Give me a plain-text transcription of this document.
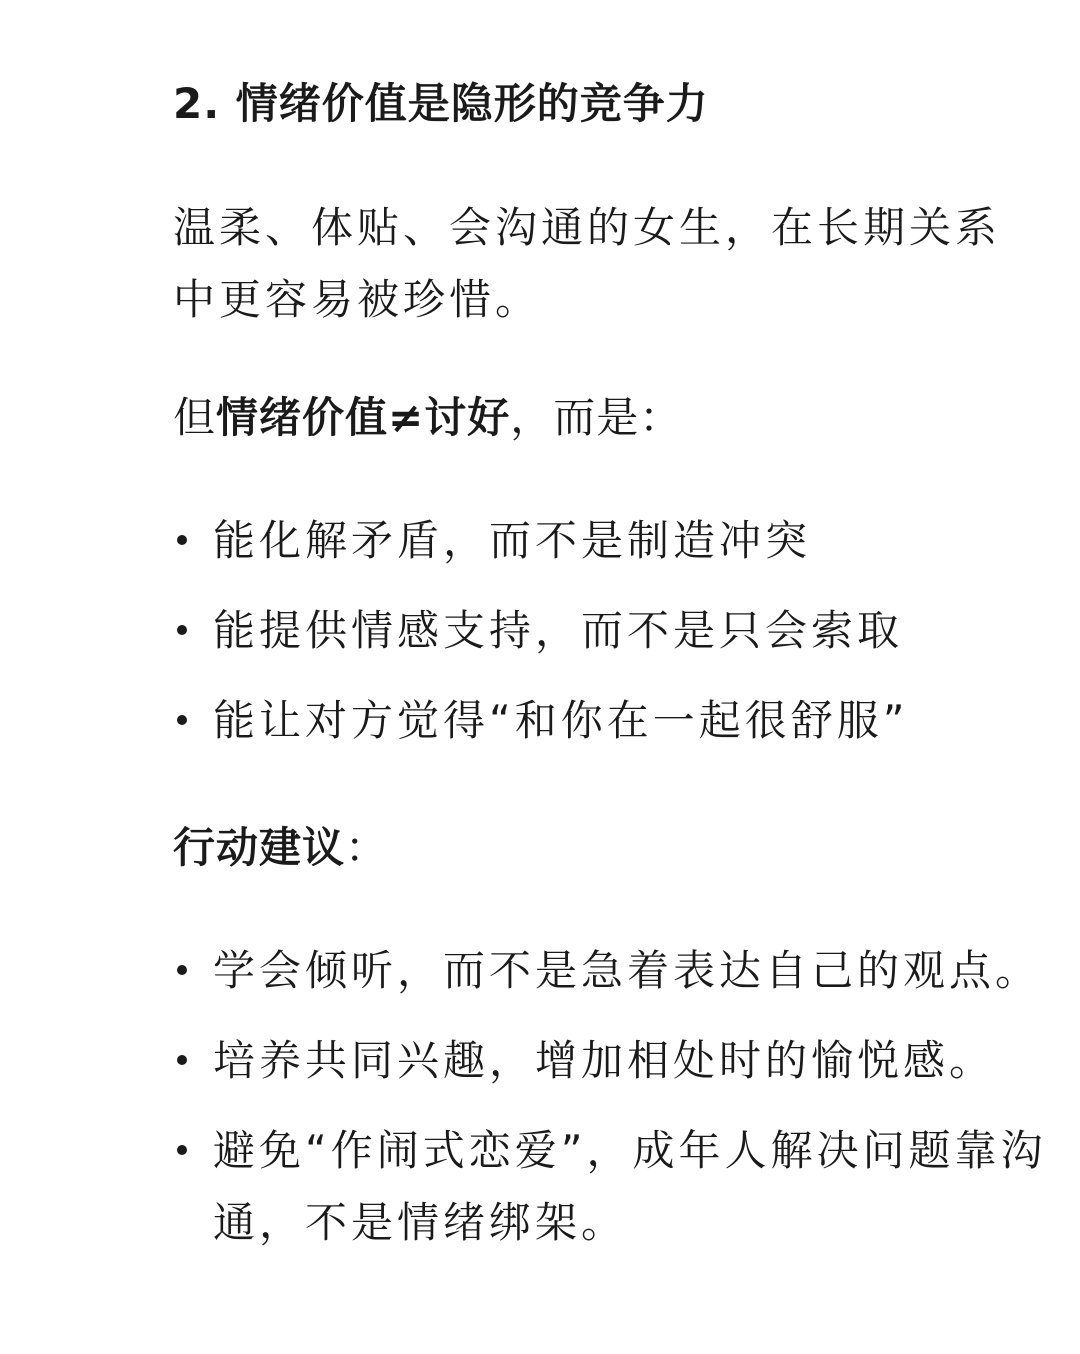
2. 情绪价值是隐形的竞争力
温柔、体贴、会沟通的女生，在长期关系中更容易被珍惜。
但情绪价值≠讨好，而是：
能化解矛盾，而不是制造冲突
能提供情感支持，而不是只会索取
能让对方觉得“和你在一起很舒服”
行动建议：
学会倾听，而不是急着表达自己的观点。
培养共同兴趣，增加相处时的愉悦感。
避免“作闹式恋爱”，成年人解决问题靠沟通，不是情绪绑架。
